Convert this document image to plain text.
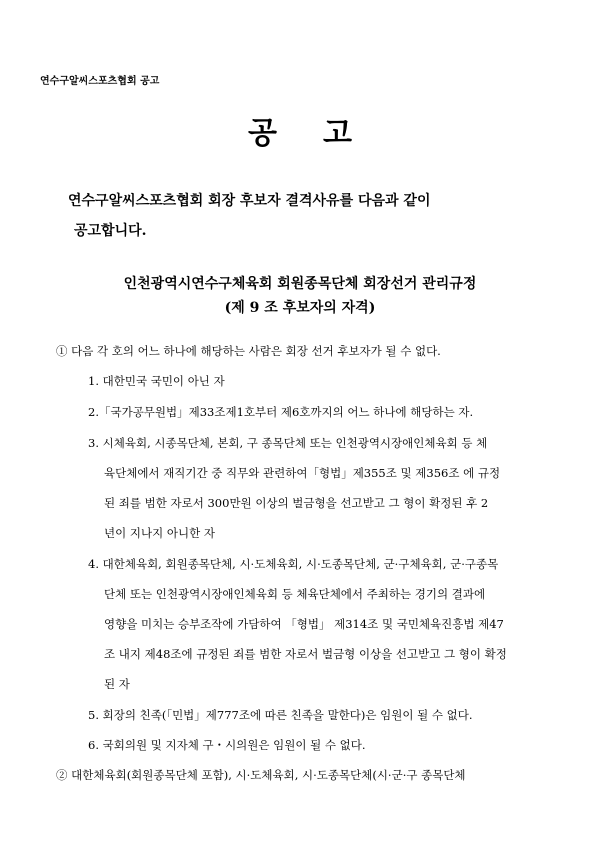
연수구알씨스포츠협회 공고
공고
연수구알씨스포츠협회 회장 후보자 결격사유를 다음과 같이
공고합니다.
인천광역시연수구체육회 회원종목단체 회장선거 관리규정
(제 9 조 후보자의 자격)
① 다음 각 호의 어느 하나에 해당하는 사람은 회장 선거 후보자가 될 수 없다.
1. 대한민국 국민이 아닌 자
2.「국가공무원법」제33조제1호부터 제6호까지의 어느 하나에 해당하는 자.
3. 시체육회, 시종목단체, 본회, 구 종목단체 또는 인천광역시장애인체육회 등 체
육단체에서 재직기간 중 직무와 관련하여「형법」제355조 및 제356조 에 규정
된 죄를 범한 자로서 300만원 이상의 벌금형을 선고받고 그 형이 확정된 후 2
년이 지나지 아니한 자
4. 대한체육회, 회원종목단체, 시·도체육회, 시·도종목단체, 군·구체육회, 군·구종목
단체 또는 인천광역시장애인체육회 등 체육단체에서 주최하는 경기의 결과에
영향을 미치는 승부조작에 가담하여 「형법」 제314조 및 국민체육진흥법 제47
조 내지 제48조에 규정된 죄를 범한 자로서 벌금형 이상을 선고받고 그 형이 확정
된 자
5. 회장의 친족(「민법」제777조에 따른 친족을 말한다)은 임원이 될 수 없다.
6. 국회의원 및 지자체 구・시의원은 임원이 될 수 없다.
② 대한체육회(회원종목단체 포함), 시·도체육회, 시·도종목단체(시·군·구 종목단체
